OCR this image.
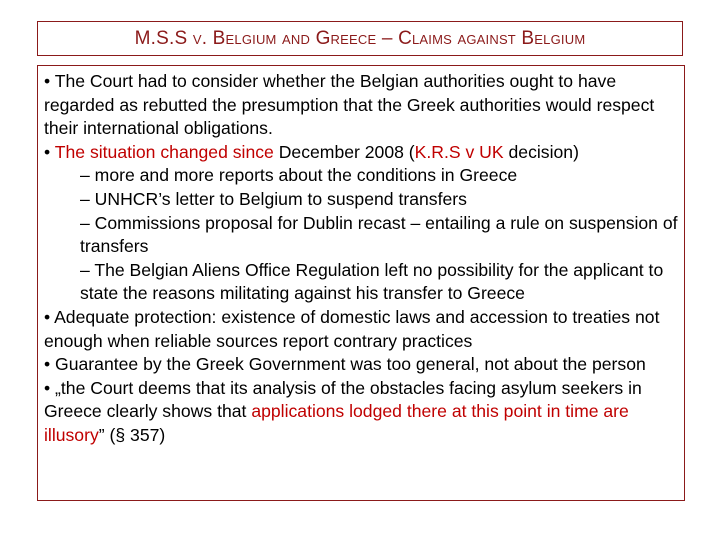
M.S.S v. Belgium and Greece – Claims against Belgium

• The Court had to consider whether the Belgian authorities ought to have regarded as rebutted the presumption that the Greek authorities would respect their international obligations.

• The situation changed since December 2008 (K.R.S v UK decision)

– more and more reports about the conditions in Greece

– UNHCR’s letter to Belgium to suspend transfers

– Commissions proposal for Dublin recast – entailing a rule on suspension of transfers

– The Belgian Aliens Office Regulation left no possibility for the applicant to state the reasons militating against his transfer to Greece

• Adequate protection: existence of domestic laws and accession to treaties not enough when reliable sources report contrary practices

• Guarantee by the Greek Government was too general, not about the person

• „the Court deems that its analysis of the obstacles facing asylum seekers in Greece clearly shows that applications lodged there at this point in time are illusory” (§ 357)
